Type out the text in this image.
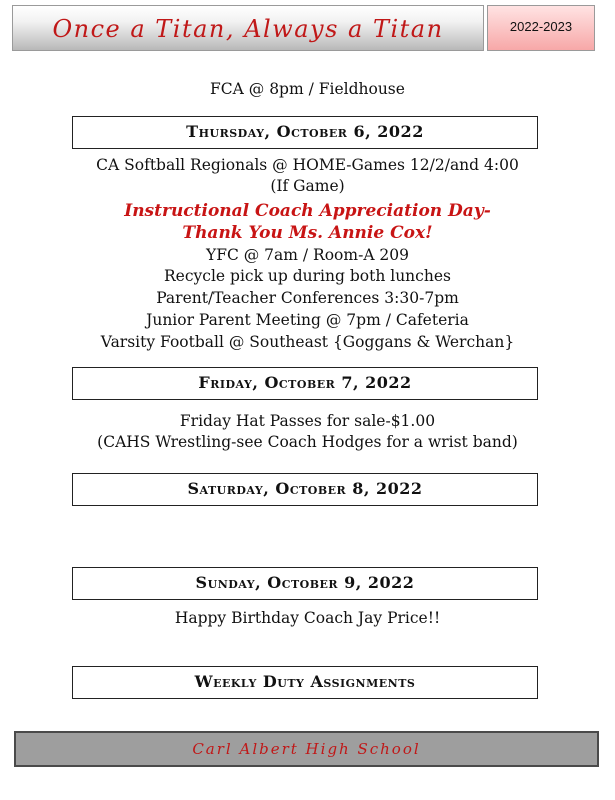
Once a Titan, Always a Titan	2022-2023
FCA @ 8pm / Fieldhouse
Thursday, October 6, 2022
CA Softball Regionals @ HOME-Games 12/2/and 4:00
(If Game)
Instructional Coach Appreciation Day-
Thank You Ms. Annie Cox!
YFC @ 7am / Room-A 209
Recycle pick up during both lunches
Parent/Teacher Conferences 3:30-7pm
Junior Parent Meeting @ 7pm / Cafeteria
Varsity Football @ Southeast {Goggans & Werchan}
Friday, October 7, 2022
Friday Hat Passes for sale-$1.00
(CAHS Wrestling-see Coach Hodges for a wrist band)
Saturday, October 8, 2022
Sunday, October 9, 2022
Happy Birthday Coach Jay Price!!
Weekly Duty Assignments
Carl Albert High School
